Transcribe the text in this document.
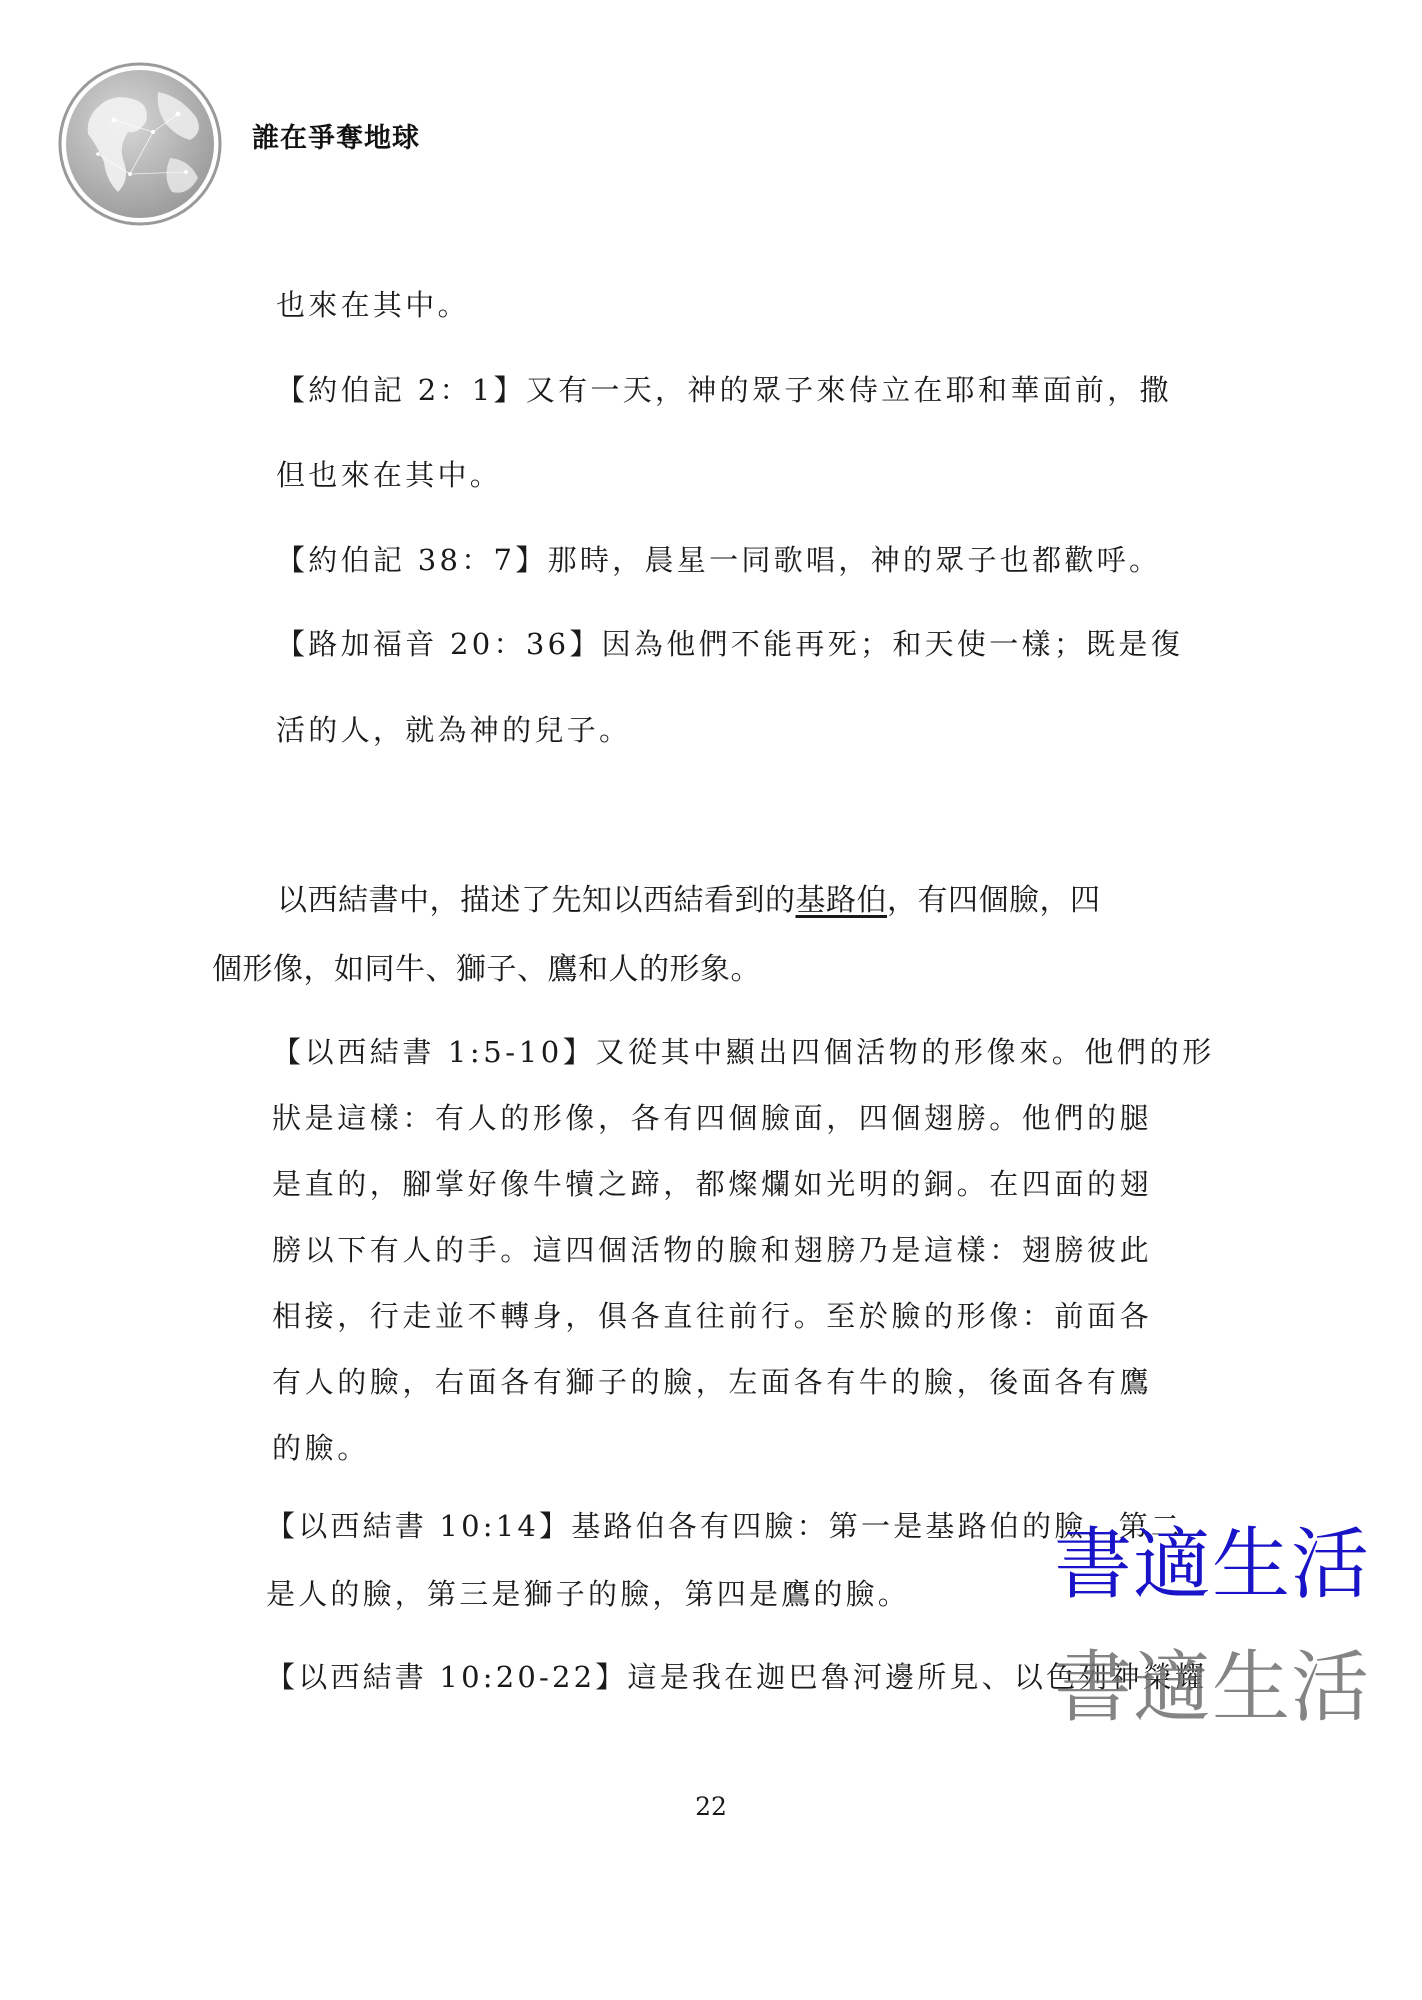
誰在爭奪地球
也來在其中。
【約伯記 2：1】又有一天，神的眾子來侍立在耶和華面前，撒
但也來在其中。
【約伯記 38：7】那時，晨星一同歌唱，神的眾子也都歡呼。
【路加福音 20：36】因為他們不能再死；和天使一樣；既是復
活的人，就為神的兒子。
以西結書中，描述了先知以西結看到的基路伯，有四個臉，四
個形像，如同牛、獅子、鷹和人的形象。
【以西結書 1:5-10】又從其中顯出四個活物的形像來。他們的形
狀是這樣：有人的形像，各有四個臉面，四個翅膀。他們的腿
是直的，腳掌好像牛犢之蹄，都燦爛如光明的銅。在四面的翅
膀以下有人的手。這四個活物的臉和翅膀乃是這樣：翅膀彼此
相接，行走並不轉身，俱各直往前行。至於臉的形像：前面各
有人的臉，右面各有獅子的臉，左面各有牛的臉，後面各有鷹
的臉。
【以西結書 10:14】基路伯各有四臉：第一是基路伯的臉，第二
是人的臉，第三是獅子的臉，第四是鷹的臉。
【以西結書 10:20-22】這是我在迦巴魯河邊所見、以色列神榮耀
書適生活
書適生活
22
